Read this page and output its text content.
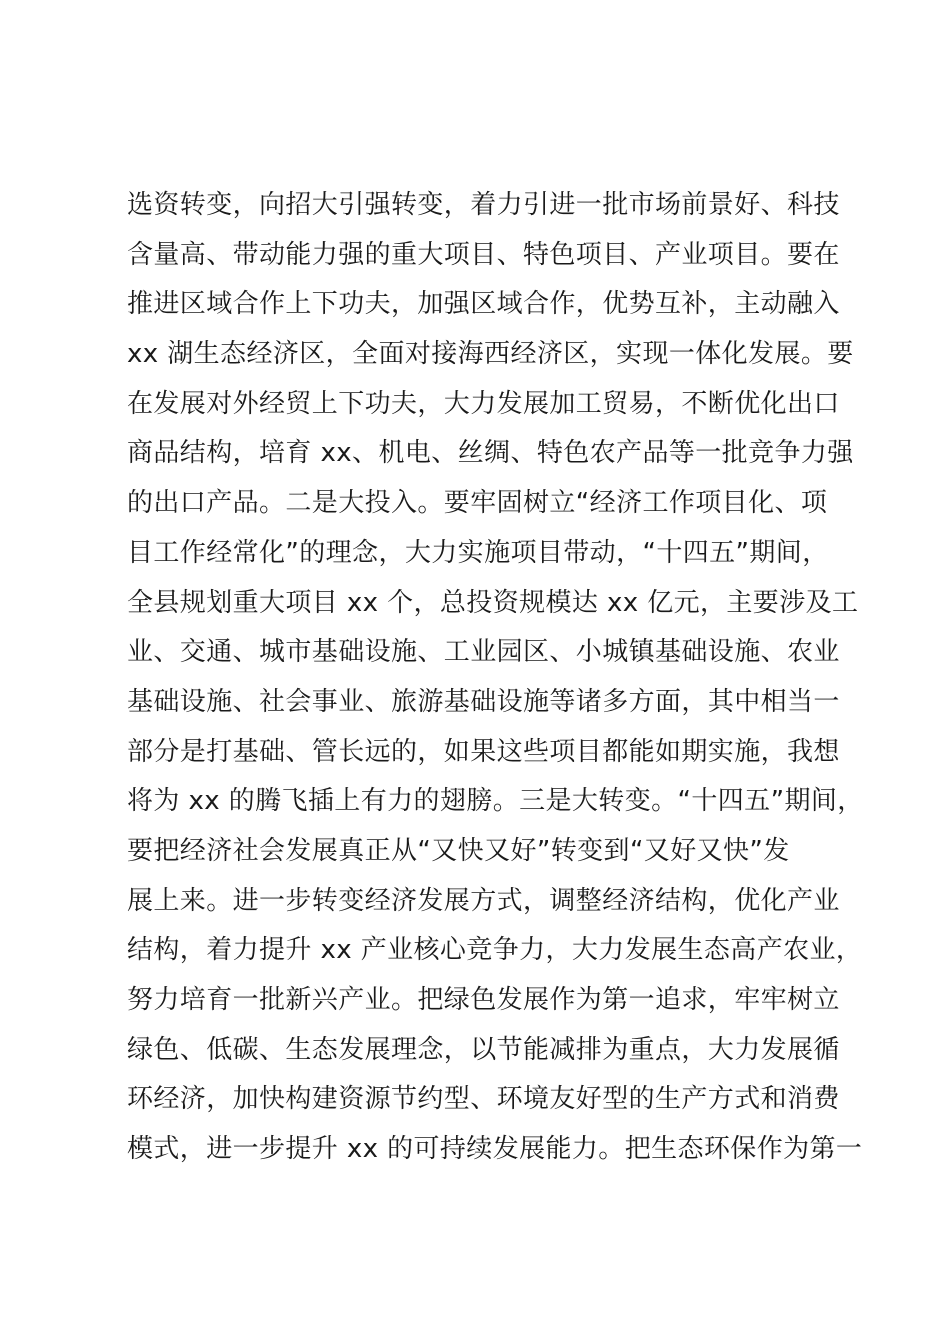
选资转变，向招大引强转变，着力引进一批市场前景好、科技
含量高、带动能力强的重大项目、特色项目、产业项目。要在
推进区域合作上下功夫，加强区域合作，优势互补，主动融入
xx 湖生态经济区，全面对接海西经济区，实现一体化发展。要
在发展对外经贸上下功夫，大力发展加工贸易，不断优化出口
商品结构，培育 xx、机电、丝绸、特色农产品等一批竞争力强
的出口产品。二是大投入。要牢固树立“经济工作项目化、项
目工作经常化”的理念，大力实施项目带动，“十四五”期间，
全县规划重大项目 xx 个，总投资规模达 xx 亿元，主要涉及工
业、交通、城市基础设施、工业园区、小城镇基础设施、农业
基础设施、社会事业、旅游基础设施等诸多方面，其中相当一
部分是打基础、管长远的，如果这些项目都能如期实施，我想
将为 xx 的腾飞插上有力的翅膀。三是大转变。“十四五”期间，
要把经济社会发展真正从“又快又好”转变到“又好又快”发
展上来。进一步转变经济发展方式，调整经济结构，优化产业
结构，着力提升 xx 产业核心竞争力，大力发展生态高产农业，
努力培育一批新兴产业。把绿色发展作为第一追求，牢牢树立
绿色、低碳、生态发展理念，以节能减排为重点，大力发展循
环经济，加快构建资源节约型、环境友好型的生产方式和消费
模式，进一步提升 xx 的可持续发展能力。把生态环保作为第一
